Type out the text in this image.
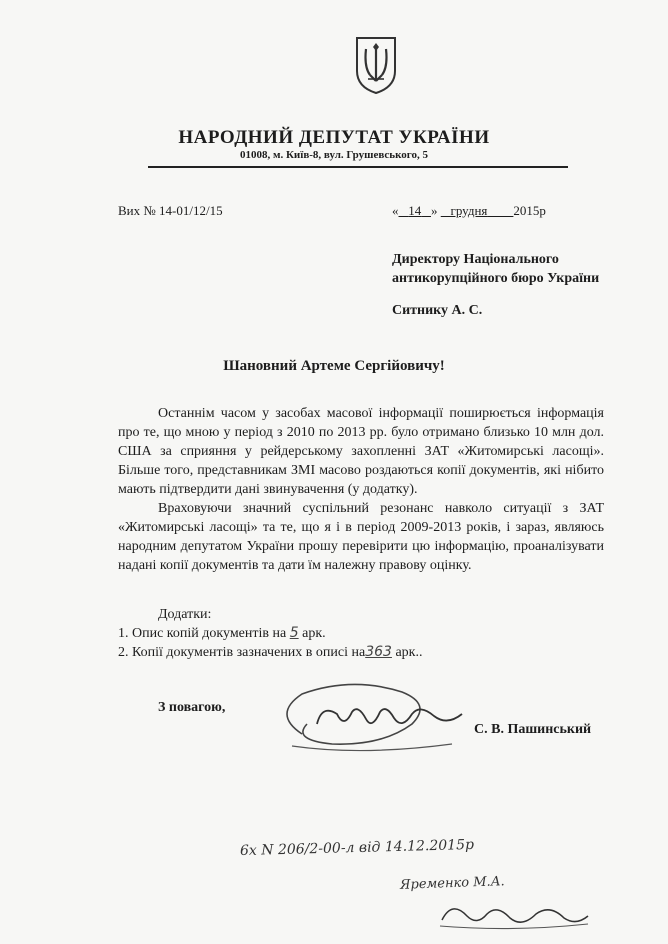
НАРОДНИЙ ДЕПУТАТ УКРАЇНИ
01008, м. Київ-8, вул. Грушевського, 5
Вих № 14-01/12/15	« 14 » грудня 2015р
Директору Національного
антикорупційного бюро України
Ситнику А. С.
Шановний Артеме Сергійовичу!

Останнім часом у засобах масової інформації поширюється інформація про те, що мною у період з 2010 по 2013 рр. було отримано близько 10 млн дол. США за сприяння у рейдерському захопленні ЗАТ «Житомирські ласощі». Більше того, представникам ЗМІ масово роздаються копії документів, які нібито мають підтвердити дані звинувачення (у додатку).

Враховуючи значний суспільний резонанс навколо ситуації з ЗАТ «Житомирські ласощі» та те, що я і в період 2009-2013 років, і зараз, являюсь народним депутатом України прошу перевірити цю інформацію, проаналізувати надані копії документів та дати їм належну правову оцінку.

Додатки:
1. Опис копій документів на 5 арк.
2. Копії документів зазначених в описі на363 арк..
З повагою,
С. В. Пашинський
6х N 206/2-00-л від 14.12.2015р
Яременко М.А.
